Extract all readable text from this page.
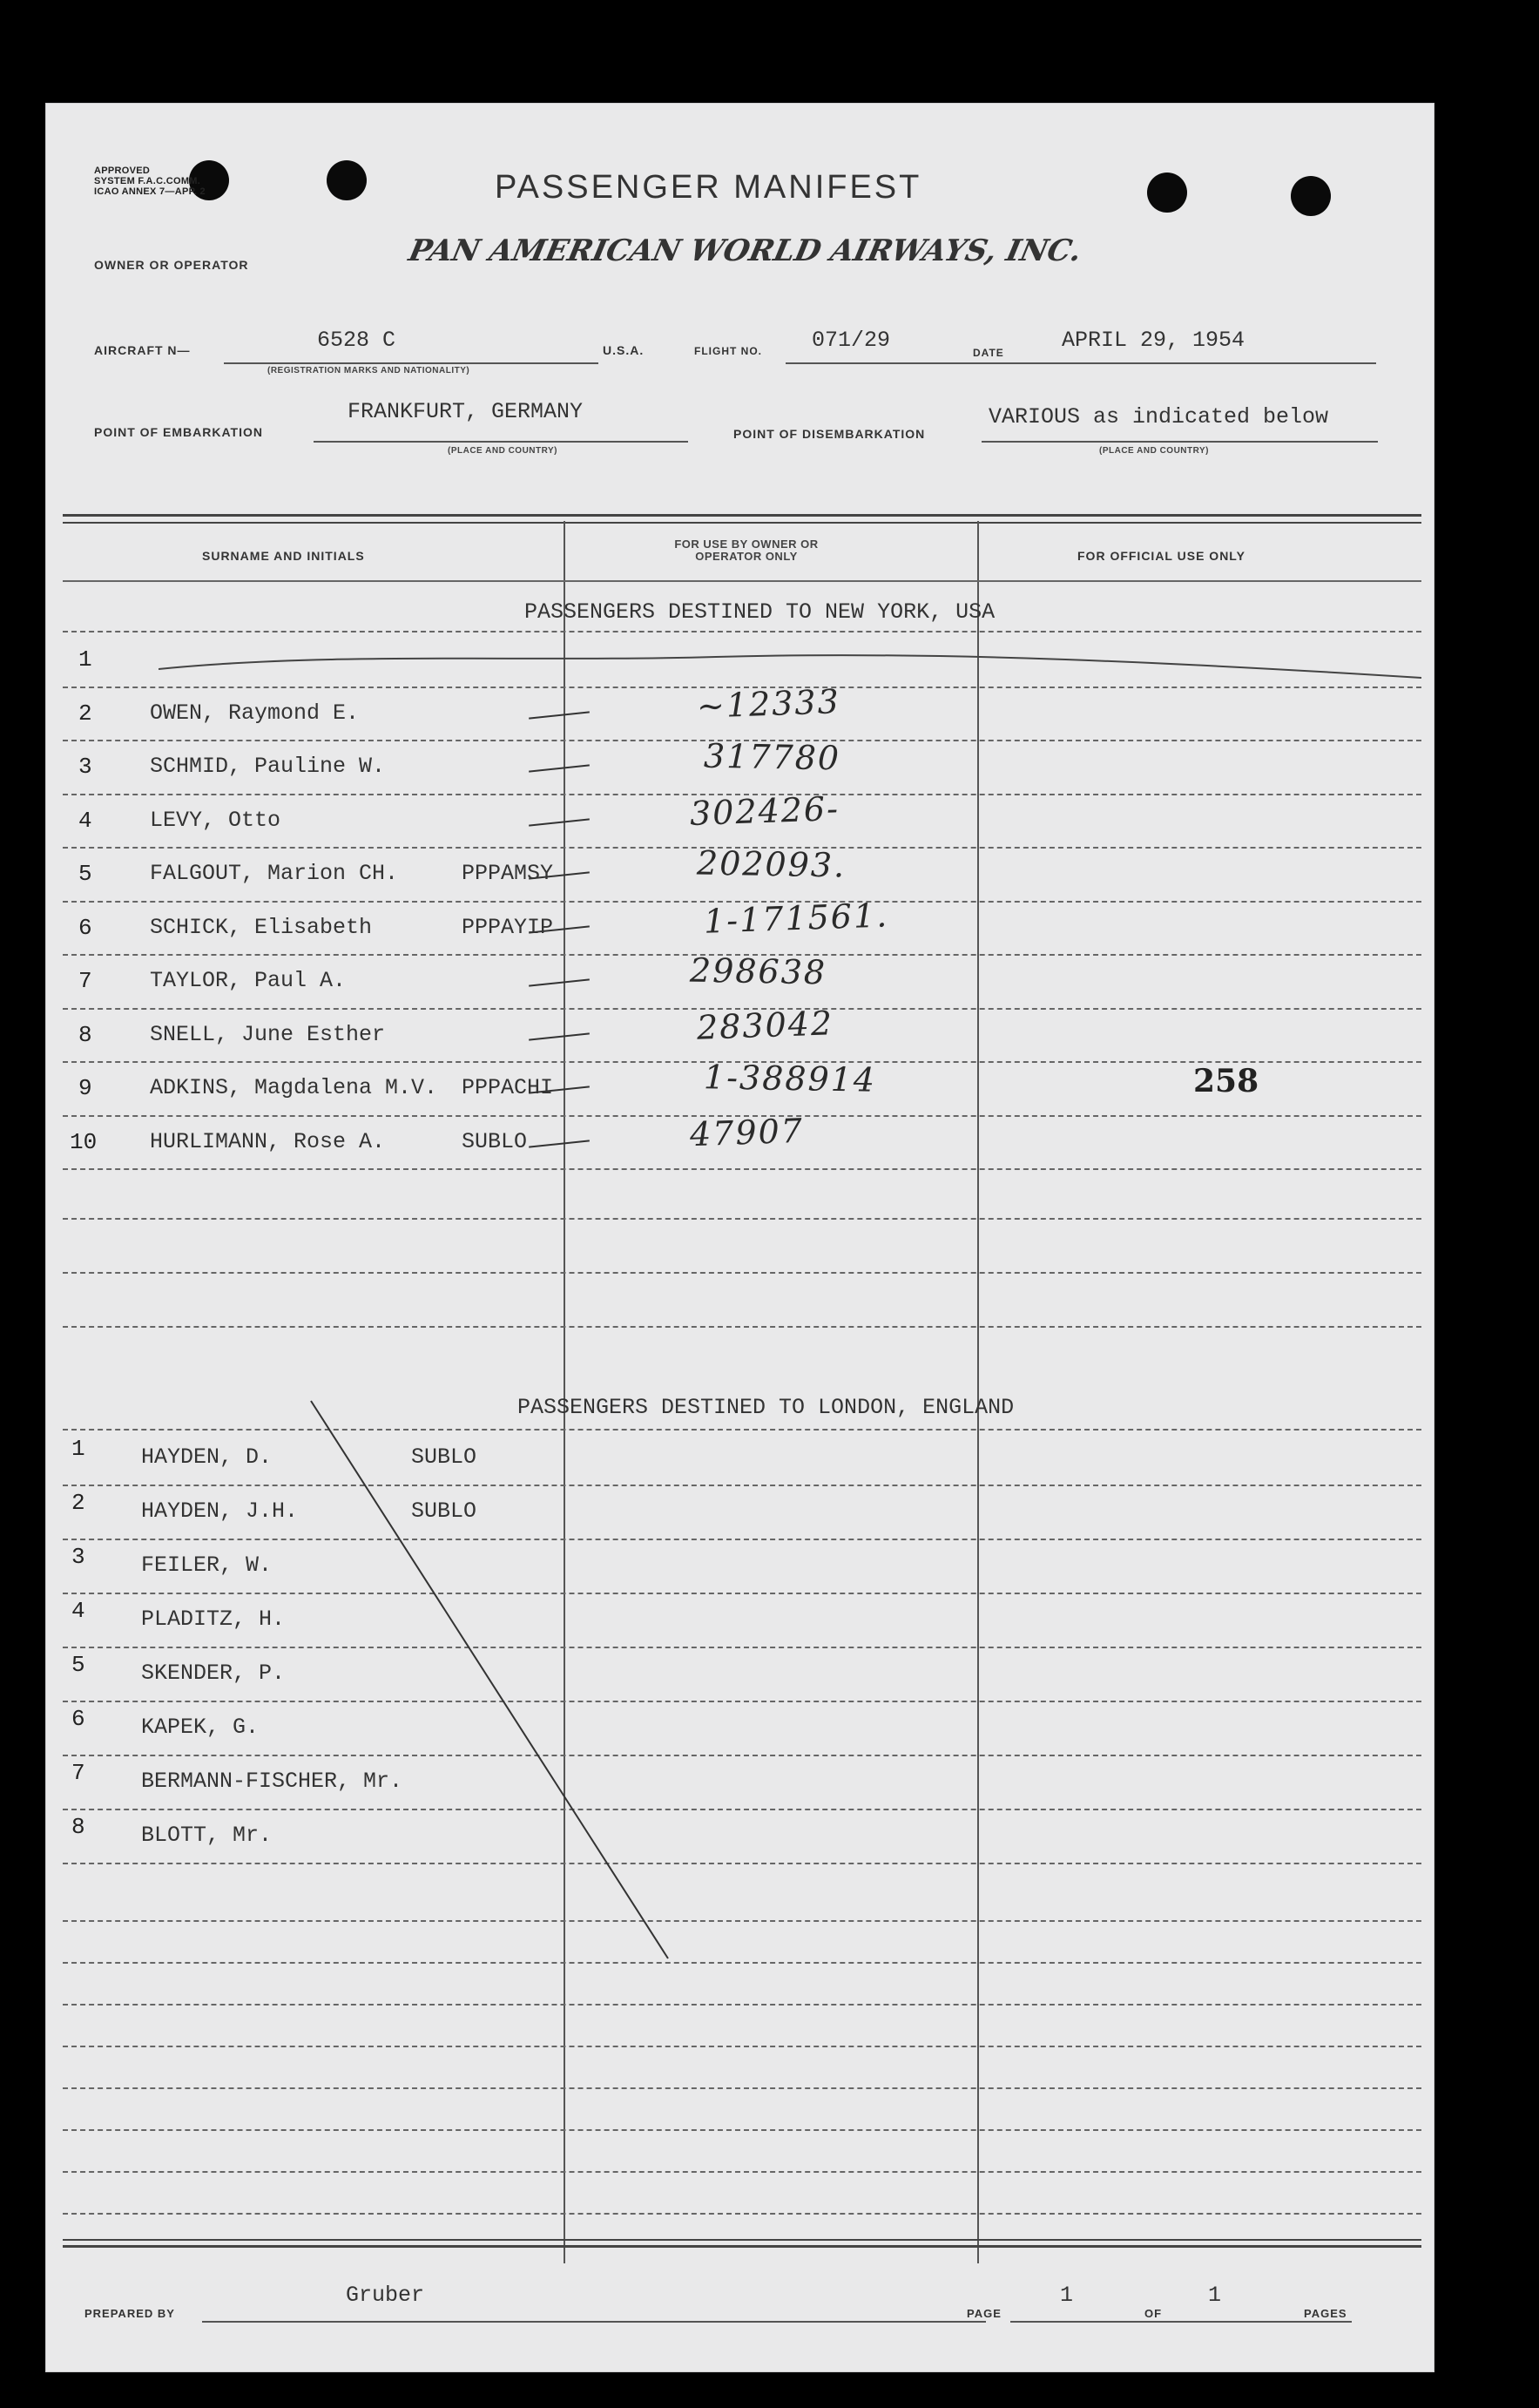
APPROVED
SYSTEM F.A.C.COMM.
ICAO ANNEX 7—APP. 2	PASSENGER MANIFEST
OWNER OR OPERATOR	PAN AMERICAN WORLD AIRWAYS, INC.
AIRCRAFT N—	6528 C
(REGISTRATION MARKS AND NATIONALITY)
U.S.A.	FLIGHT NO. 071/29	DATE	APRIL 29, 1954
POINT OF EMBARKATION
FRANKFURT, GERMANY
(PLACE AND COUNTRY)
POINT OF DISEMBARKATION
VARIOUS as indicated below
(PLACE AND COUNTRY)
SURNAME AND INITIALS
FOR USE BY OWNER OR OPERATOR ONLY	FOR OFFICIAL USE ONLY
PASSENGERS DESTINED TO NEW YORK, USA
1
2	OWEN, Raymond E.	~12333
3	SCHMID, Pauline W.	317780
4	LEVY, Otto	302426-
5	FALGOUT, Marion CH.	PPPAMSY	202093.
6	SCHICK, Elisabeth	PPPAYIP	1-171561.
7	TAYLOR, Paul A.	298638
8	SNELL, June Esther	283042
9	ADKINS, Magdalena M.V. PPPACHI	1-388914
10 HURLIMANN, Rose A.	SUBLO	47907
258
PASSENGERS DESTINED TO LONDON, ENGLAND
1	HAYDEN, D.	SUBLO
2	HAYDEN, J.H.	SUBLO
3	FEILER, W.
4	PLADITZ, H.
5	SKENDER, P.
6	KAPEK, G.
7	BERMANN-FISCHER, Mr.
8	BLOTT, Mr.
PREPARED BY
Gruber
PAGE
1
OF
1
PAGES
